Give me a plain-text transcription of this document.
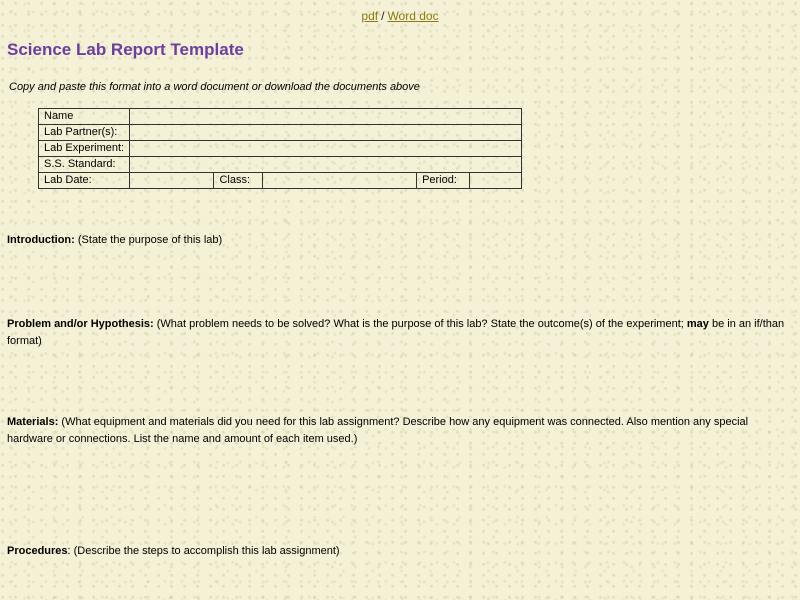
pdf / Word doc
Science Lab Report Template
Copy and paste this format into a word document or download the documents above
Name					
Lab Partner(s):					
Lab Experiment:					
S.S. Standard:					
Lab Date:		Class:		Period:	
Introduction: (State the purpose of this lab)
Problem and/or Hypothesis: (What problem needs to be solved? What is the purpose of this lab? State the outcome(s) of the experiment; may be in an if/than format)
Materials: (What equipment and materials did you need for this lab assignment? Describe how any equipment was connected. Also mention any special hardware or connections. List the name and amount of each item used.)
Procedures: (Describe the steps to accomplish this lab assignment)
